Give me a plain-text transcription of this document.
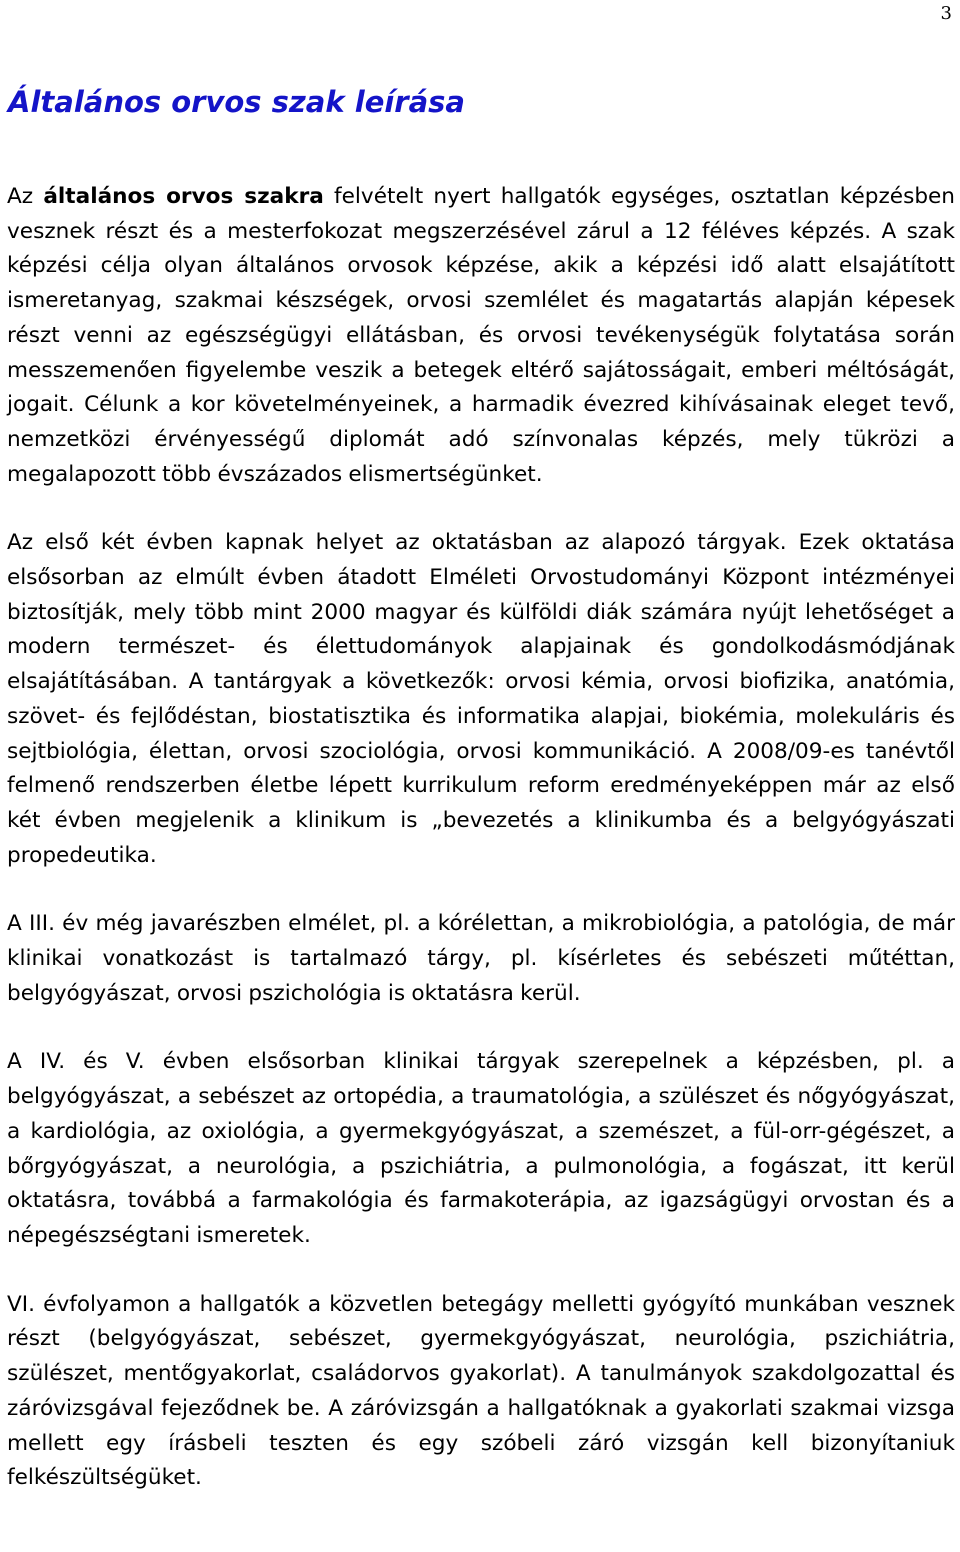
3
Általános orvos szak leírása

Az általános orvos szakra felvételt nyert hallgatók egységes, osztatlan képzésben vesznek részt és a mesterfokozat megszerzésével zárul a 12 féléves képzés. A szak képzési célja olyan általános orvosok képzése, akik a képzési idő alatt elsajátított ismeretanyag, szakmai készségek, orvosi szemlélet és magatartás alapján képesek részt venni az egészségügyi ellátásban, és orvosi tevékenységük folytatása során messzemenően figyelembe veszik a betegek eltérő sajátosságait, emberi méltóságát, jogait. Célunk a kor követelményeinek, a harmadik évezred kihívásainak eleget tevő, nemzetközi érvényességű diplomát adó színvonalas képzés, mely tükrözi a megalapozott több évszázados elismertségünket.

Az első két évben kapnak helyet az oktatásban az alapozó tárgyak. Ezek oktatása elsősorban az elmúlt évben átadott Elméleti Orvostudományi Központ intézményei biztosítják, mely több mint 2000 magyar és külföldi diák számára nyújt lehetőséget a modern természet- és élettudományok alapjainak és gondolkodásmódjának elsajátításában. A tantárgyak a következők: orvosi kémia, orvosi biofizika, anatómia, szövet- és fejlődéstan, biostatisztika és informatika alapjai, biokémia, molekuláris és sejtbiológia, élettan, orvosi szociológia, orvosi kommunikáció. A 2008/09-es tanévtől felmenő rendszerben életbe lépett kurrikulum reform eredményeképpen már az első két évben megjelenik a klinikum is „bevezetés a klinikumba és a belgyógyászati propedeutika.

A III. év még javarészben elmélet, pl. a kórélettan, a mikrobiológia, a patológia, de már klinikai vonatkozást is tartalmazó tárgy, pl. kísérletes és sebészeti műtéttan, belgyógyászat, orvosi pszichológia is oktatásra kerül.

A IV. és V. évben elsősorban klinikai tárgyak szerepelnek a képzésben, pl. a belgyógyászat, a sebészet az ortopédia, a traumatológia, a szülészet és nőgyógyászat, a kardiológia, az oxiológia, a gyermekgyógyászat, a szemészet, a fül-orr-gégészet, a bőrgyógyászat, a neurológia, a pszichiátria, a pulmonológia, a fogászat, itt kerül oktatásra, továbbá a farmakológia és farmakoterápia, az igazságügyi orvostan és a népegészségtani ismeretek.

VI. évfolyamon a hallgatók a közvetlen betegágy melletti gyógyító munkában vesznek részt (belgyógyászat, sebészet, gyermekgyógyászat, neurológia, pszichiátria, szülészet, mentőgyakorlat, családorvos gyakorlat). A tanulmányok szakdolgozattal és záróvizsgával fejeződnek be. A záróvizsgán a hallgatóknak a gyakorlati szakmai vizsga mellett egy írásbeli teszten és egy szóbeli záró vizsgán kell bizonyítaniuk felkészültségüket.
